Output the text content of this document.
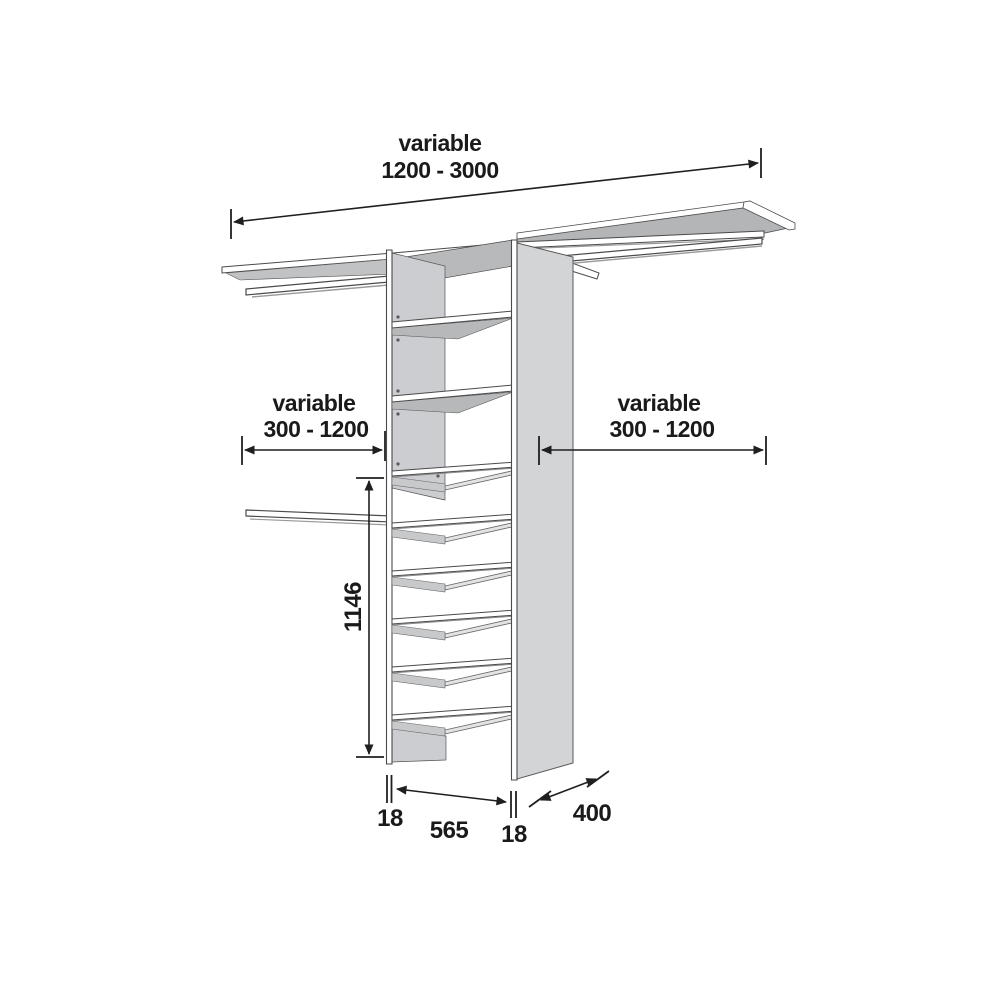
variable
1200 - 3000
variable
300 - 1200
variable
300 - 1200
1146
18 565 18
400
